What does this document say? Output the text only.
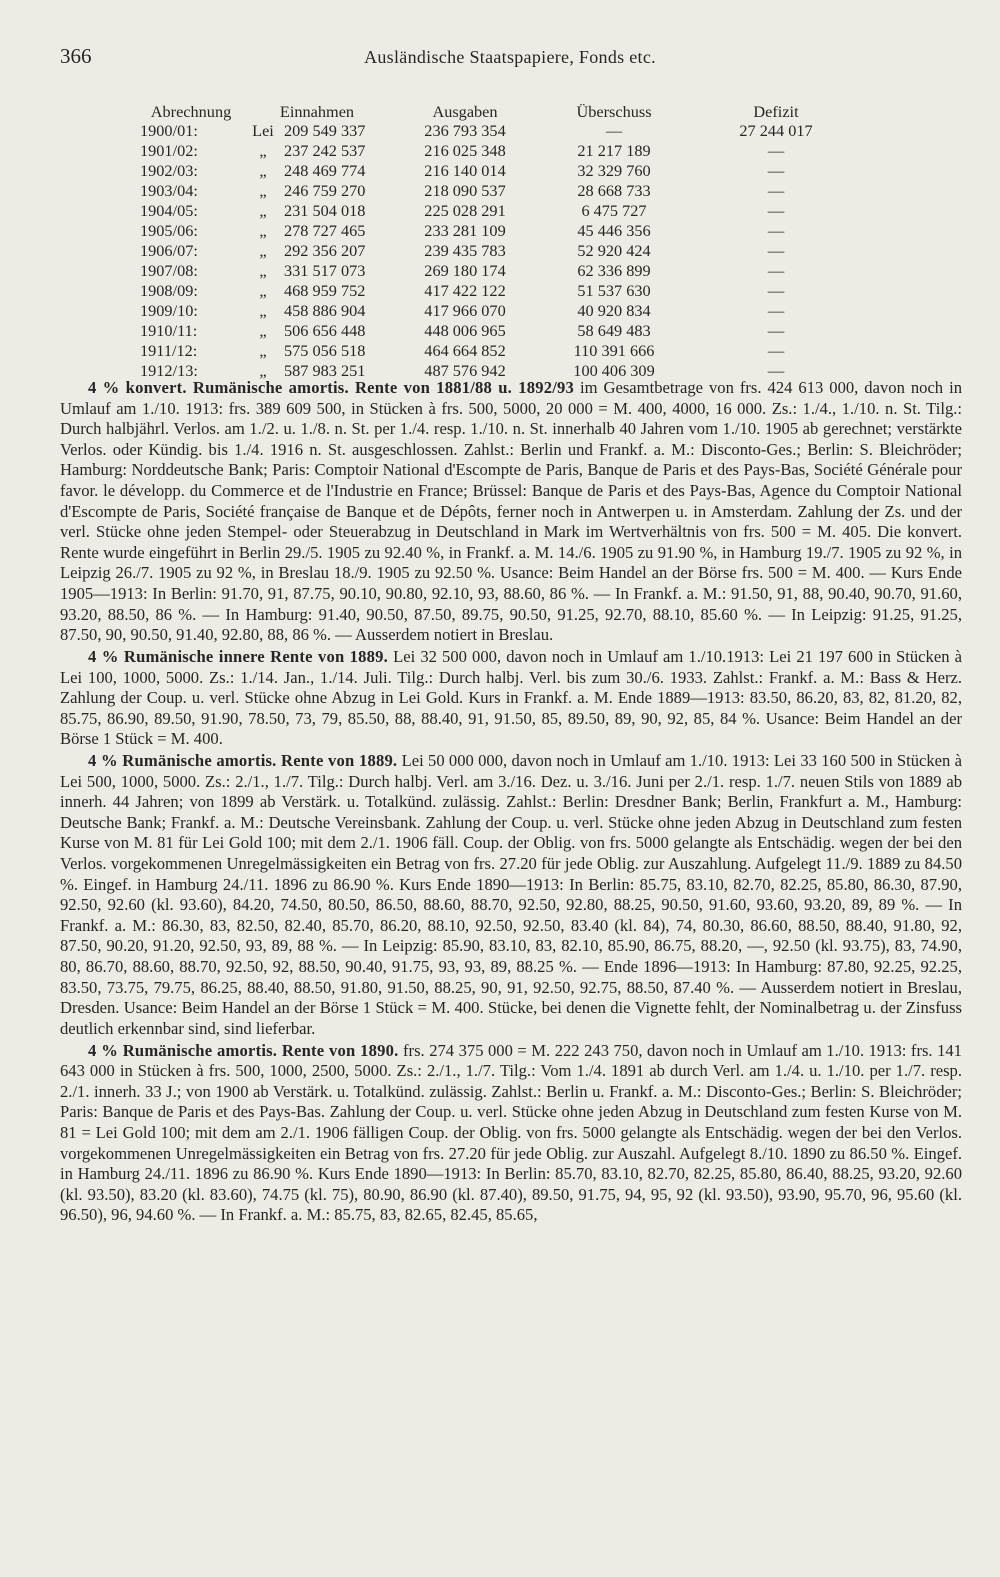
366	Ausländische Staatspapiere, Fonds etc.
Abrechnung	Einnahmen	Ausgaben	Überschuss	Defizit
1900/01:	Lei 209 549 337	236 793 354	—	27 244 017
1901/02:	„ 237 242 537	216 025 348	21 217 189	—
1902/03:	„ 248 469 774	216 140 014	32 329 760	—
1903/04:	„ 246 759 270	218 090 537	28 668 733	—
1904/05:	„ 231 504 018	225 028 291	6 475 727	—
1905/06:	„ 278 727 465	233 281 109	45 446 356	—
1906/07:	„ 292 356 207	239 435 783	52 920 424	—
1907/08:	„ 331 517 073	269 180 174	62 336 899	—
1908/09:	„ 468 959 752	417 422 122	51 537 630	—
1909/10:	„ 458 886 904	417 966 070	40 920 834	—
1910/11:	„ 506 656 448	448 006 965	58 649 483	—
1911/12:	„ 575 056 518	464 664 852	110 391 666	—
1912/13:	„ 587 983 251	487 576 942	100 406 309	—

4 % konvert. Rumänische amortis. Rente von 1881/88 u. 1892/93 im Gesamtbetrage von frs. 424 613 000, davon noch in Umlauf am 1./10. 1913: frs. 389 609 500, in Stücken à frs. 500, 5000, 20 000 = M. 400, 4000, 16 000. Zs.: 1./4., 1./10. n. St. Tilg.: Durch halbjährl. Verlos. am 1./2. u. 1./8. n. St. per 1./4. resp. 1./10. n. St. innerhalb 40 Jahren vom 1./10. 1905 ab gerechnet; verstärkte Verlos. oder Kündig. bis 1./4. 1916 n. St. ausgeschlossen. Zahlst.: Berlin und Frankf. a. M.: Disconto-Ges.; Berlin: S. Bleichröder; Hamburg: Norddeutsche Bank; Paris: Comptoir National d'Escompte de Paris, Banque de Paris et des Pays-Bas, Société Générale pour favor. le développ. du Commerce et de l'Industrie en France; Brüssel: Banque de Paris et des Pays-Bas, Agence du Comptoir National d'Escompte de Paris, Société française de Banque et de Dépôts, ferner noch in Antwerpen u. in Amsterdam. Zahlung der Zs. und der verl. Stücke ohne jeden Stempel- oder Steuerabzug in Deutschland in Mark im Wertverhältnis von frs. 500 = M. 405. Die konvert. Rente wurde eingeführt in Berlin 29./5. 1905 zu 92.40 %, in Frankf. a. M. 14./6. 1905 zu 91.90 %, in Hamburg 19./7. 1905 zu 92 %, in Leipzig 26./7. 1905 zu 92 %, in Breslau 18./9. 1905 zu 92.50 %. Usance: Beim Handel an der Börse frs. 500 = M. 400. — Kurs Ende 1905—1913: In Berlin: 91.70, 91, 87.75, 90.10, 90.80, 92.10, 93, 88.60, 86 %. — In Frankf. a. M.: 91.50, 91, 88, 90.40, 90.70, 91.60, 93.20, 88.50, 86 %. — In Hamburg: 91.40, 90.50, 87.50, 89.75, 90.50, 91.25, 92.70, 88.10, 85.60 %. — In Leipzig: 91.25, 91.25, 87.50, 90, 90.50, 91.40, 92.80, 88, 86 %. — Ausserdem notiert in Breslau.

4 % Rumänische innere Rente von 1889. Lei 32 500 000, davon noch in Umlauf am 1./10.1913: Lei 21 197 600 in Stücken à Lei 100, 1000, 5000. Zs.: 1./14. Jan., 1./14. Juli. Tilg.: Durch halbj. Verl. bis zum 30./6. 1933. Zahlst.: Frankf. a. M.: Bass & Herz. Zahlung der Coup. u. verl. Stücke ohne Abzug in Lei Gold. Kurs in Frankf. a. M. Ende 1889—1913: 83.50, 86.20, 83, 82, 81.20, 82, 85.75, 86.90, 89.50, 91.90, 78.50, 73, 79, 85.50, 88, 88.40, 91, 91.50, 85, 89.50, 89, 90, 92, 85, 84 %. Usance: Beim Handel an der Börse 1 Stück = M. 400.

4 % Rumänische amortis. Rente von 1889. Lei 50 000 000, davon noch in Umlauf am 1./10. 1913: Lei 33 160 500 in Stücken à Lei 500, 1000, 5000. Zs.: 2./1., 1./7. Tilg.: Durch halbj. Verl. am 3./16. Dez. u. 3./16. Juni per 2./1. resp. 1./7. neuen Stils von 1889 ab innerh. 44 Jahren; von 1899 ab Verstärk. u. Totalkünd. zulässig. Zahlst.: Berlin: Dresdner Bank; Berlin, Frankfurt a. M., Hamburg: Deutsche Bank; Frankf. a. M.: Deutsche Vereinsbank. Zahlung der Coup. u. verl. Stücke ohne jeden Abzug in Deutschland zum festen Kurse von M. 81 für Lei Gold 100; mit dem 2./1. 1906 fäll. Coup. der Oblig. von frs. 5000 gelangte als Entschädig. wegen der bei den Verlos. vorgekommenen Unregelmässigkeiten ein Betrag von frs. 27.20 für jede Oblig. zur Auszahlung. Aufgelegt 11./9. 1889 zu 84.50 %. Eingef. in Hamburg 24./11. 1896 zu 86.90 %. Kurs Ende 1890—1913: In Berlin: 85.75, 83.10, 82.70, 82.25, 85.80, 86.30, 87.90, 92.50, 92.60 (kl. 93.60), 84.20, 74.50, 80.50, 86.50, 88.60, 88.70, 92.50, 92.80, 88.25, 90.50, 91.60, 93.60, 93.20, 89, 89 %. — In Frankf. a. M.: 86.30, 83, 82.50, 82.40, 85.70, 86.20, 88.10, 92.50, 92.50, 83.40 (kl. 84), 74, 80.30, 86.60, 88.50, 88.40, 91.80, 92, 87.50, 90.20, 91.20, 92.50, 93, 89, 88 %. — In Leipzig: 85.90, 83.10, 83, 82.10, 85.90, 86.75, 88.20, —, 92.50 (kl. 93.75), 83, 74.90, 80, 86.70, 88.60, 88.70, 92.50, 92, 88.50, 90.40, 91.75, 93, 93, 89, 88.25 %. — Ende 1896—1913: In Hamburg: 87.80, 92.25, 92.25, 83.50, 73.75, 79.75, 86.25, 88.40, 88.50, 91.80, 91.50, 88.25, 90, 91, 92.50, 92.75, 88.50, 87.40 %. — Ausserdem notiert in Breslau, Dresden. Usance: Beim Handel an der Börse 1 Stück = M. 400. Stücke, bei denen die Vignette fehlt, der Nominalbetrag u. der Zinsfuss deutlich erkennbar sind, sind lieferbar.

4 % Rumänische amortis. Rente von 1890. frs. 274 375 000 = M. 222 243 750, davon noch in Umlauf am 1./10. 1913: frs. 141 643 000 in Stücken à frs. 500, 1000, 2500, 5000. Zs.: 2./1., 1./7. Tilg.: Vom 1./4. 1891 ab durch Verl. am 1./4. u. 1./10. per 1./7. resp. 2./1. innerh. 33 J.; von 1900 ab Verstärk. u. Totalkünd. zulässig. Zahlst.: Berlin u. Frankf. a. M.: Disconto-Ges.; Berlin: S. Bleichröder; Paris: Banque de Paris et des Pays-Bas. Zahlung der Coup. u. verl. Stücke ohne jeden Abzug in Deutschland zum festen Kurse von M. 81 = Lei Gold 100; mit dem am 2./1. 1906 fälligen Coup. der Oblig. von frs. 5000 gelangte als Entschädig. wegen der bei den Verlos. vorgekommenen Unregelmässigkeiten ein Betrag von frs. 27.20 für jede Oblig. zur Auszahl. Aufgelegt 8./10. 1890 zu 86.50 %. Eingef. in Hamburg 24./11. 1896 zu 86.90 %. Kurs Ende 1890—1913: In Berlin: 85.70, 83.10, 82.70, 82.25, 85.80, 86.40, 88.25, 93.20, 92.60 (kl. 93.50), 83.20 (kl. 83.60), 74.75 (kl. 75), 80.90, 86.90 (kl. 87.40), 89.50, 91.75, 94, 95, 92 (kl. 93.50), 93.90, 95.70, 96, 95.60 (kl. 96.50), 96, 94.60 %. — In Frankf. a. M.: 85.75, 83, 82.65, 82.45, 85.65,
